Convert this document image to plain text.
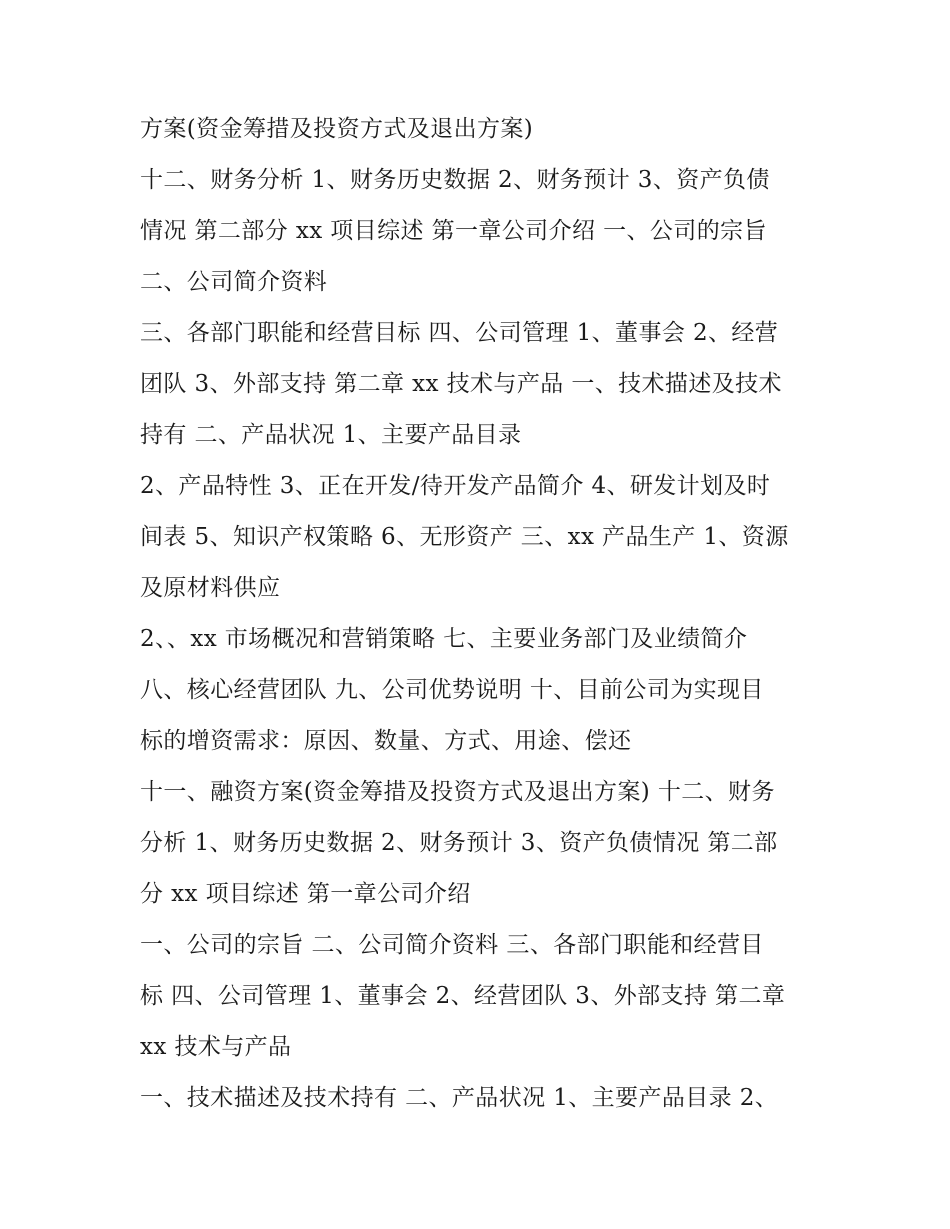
方案(资金筹措及投资方式及退出方案)
十二、财务分析 1、财务历史数据 2、财务预计 3、资产负债
情况 第二部分 xx 项目综述 第一章公司介绍 一、公司的宗旨
二、公司简介资料
三、各部门职能和经营目标 四、公司管理 1、董事会 2、经营
团队 3、外部支持 第二章 xx 技术与产品 一、技术描述及技术
持有 二、产品状况 1、主要产品目录
2、产品特性 3、正在开发/待开发产品简介 4、研发计划及时
间表 5、知识产权策略 6、无形资产 三、xx 产品生产 1、资源
及原材料供应
2、、xx 市场概况和营销策略 七、主要业务部门及业绩简介
八、核心经营团队 九、公司优势说明 十、目前公司为实现目
标的增资需求：原因、数量、方式、用途、偿还
十一、融资方案(资金筹措及投资方式及退出方案) 十二、财务
分析 1、财务历史数据 2、财务预计 3、资产负债情况 第二部
分 xx 项目综述 第一章公司介绍
一、公司的宗旨 二、公司简介资料 三、各部门职能和经营目
标 四、公司管理 1、董事会 2、经营团队 3、外部支持 第二章
xx 技术与产品
一、技术描述及技术持有 二、产品状况 1、主要产品目录 2、
